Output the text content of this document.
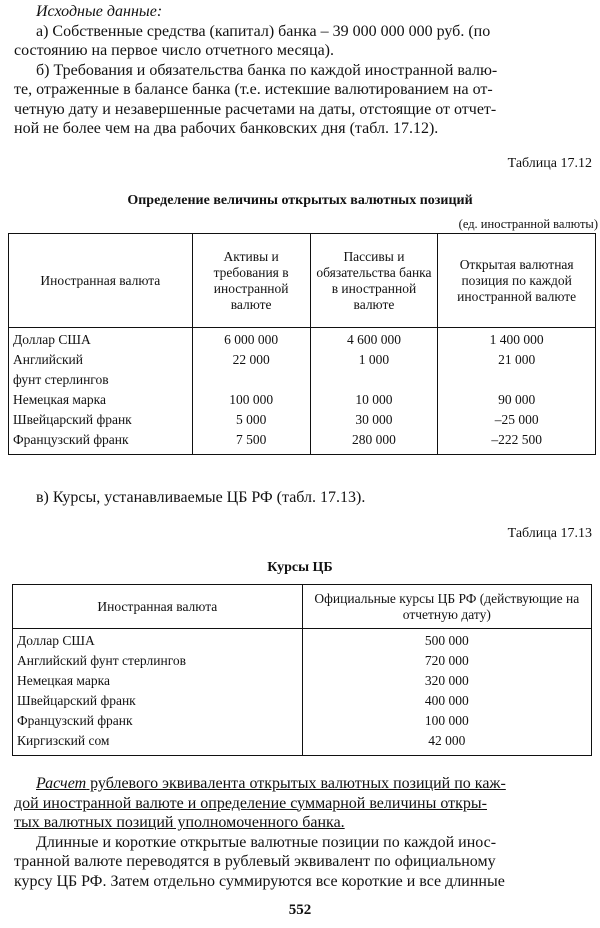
Исходные данные:
а) Собственные средства (капитал) банка – 39 000 000 000 руб. (по
состоянию на первое число отчетного месяца).
б) Требования и обязательства банка по каждой иностранной валю-
те, отраженные в балансе банка (т.е. истекшие валютированием на от-
четную дату и незавершенные расчетами на даты, отстоящие от отчет-
ной не более чем на два рабочих банковских дня (табл. 17.12).
Таблица 17.12
Определение величины открытых валютных позиций
(ед. иностранной валюты)
Иностранная валюта	Активы и требования в иностранной валюте	Пассивы и обязательства банка в иностранной валюте	Открытая валютная позиция по каждой иностранной валюте
Доллар США	6 000 000	4 600 000	1 400 000
Английский	22 000	1 000	21 000
фунт стерлингов			
Немецкая марка	100 000	10 000	90 000
Швейцарский франк	5 000	30 000	–25 000
Французский франк	7 500	280 000	–222 500
в) Курсы, устанавливаемые ЦБ РФ (табл. 17.13).
Таблица 17.13
Курсы ЦБ
Иностранная валюта	Официальные курсы ЦБ РФ (действующие на отчетную дату)
Доллар США	500 000
Английский фунт стерлингов	720 000
Немецкая марка	320 000
Швейцарский франк	400 000
Французский франк	100 000
Киргизский сом	42 000
Расчет рублевого эквивалента открытых валютных позиций по каж-
дой иностранной валюте и определение суммарной величины откры-
тых валютных позиций уполномоченного банка.
Длинные и короткие открытые валютные позиции по каждой инос-
транной валюте переводятся в рублевый эквивалент по официальному
курсу ЦБ РФ. Затем отдельно суммируются все короткие и все длинные
552
